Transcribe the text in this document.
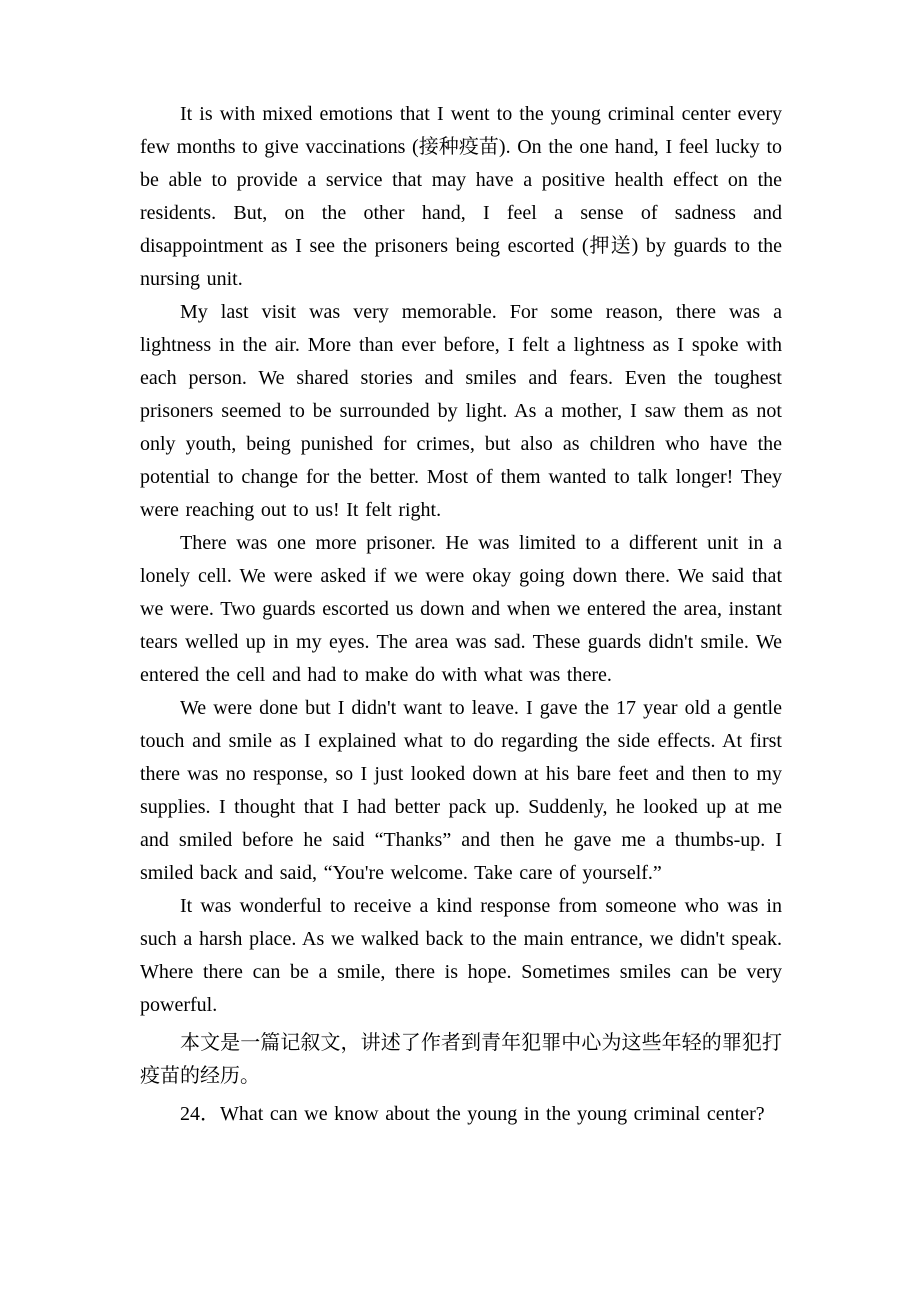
It is with mixed emotions that I went to the young criminal center every few months to give vaccinations (接种疫苗). On the one hand, I feel lucky to be able to provide a service that may have a positive health effect on the residents. But, on the other hand, I feel a sense of sadness and disappointment as I see the prisoners being escorted (押送) by guards to the nursing unit.

My last visit was very memorable. For some reason, there was a lightness in the air. More than ever before, I felt a lightness as I spoke with each person. We shared stories and smiles and fears. Even the toughest prisoners seemed to be surrounded by light. As a mother, I saw them as not only youth, being punished for crimes, but also as children who have the potential to change for the better. Most of them wanted to talk longer! They were reaching out to us! It felt right.

There was one more prisoner. He was limited to a different unit in a lonely cell. We were asked if we were okay going down there. We said that we were. Two guards escorted us down and when we entered the area, instant tears welled up in my eyes. The area was sad. These guards didn't smile. We entered the cell and had to make do with what was there.

We were done but I didn't want to leave. I gave the 17 year old a gentle touch and smile as I explained what to do regarding the side effects. At first there was no response, so I just looked down at his bare feet and then to my supplies. I thought that I had better pack up. Suddenly, he looked up at me and smiled before he said “Thanks” and then he gave me a thumbs-up. I smiled back and said, “You're welcome. Take care of yourself.”

It was wonderful to receive a kind response from someone who was in such a harsh place. As we walked back to the main entrance, we didn't speak. Where there can be a smile, there is hope. Sometimes smiles can be very powerful.

本文是一篇记叙文，讲述了作者到青年犯罪中心为这些年轻的罪犯打疫苗的经历。

24．What can we know about the young in the young criminal center?
